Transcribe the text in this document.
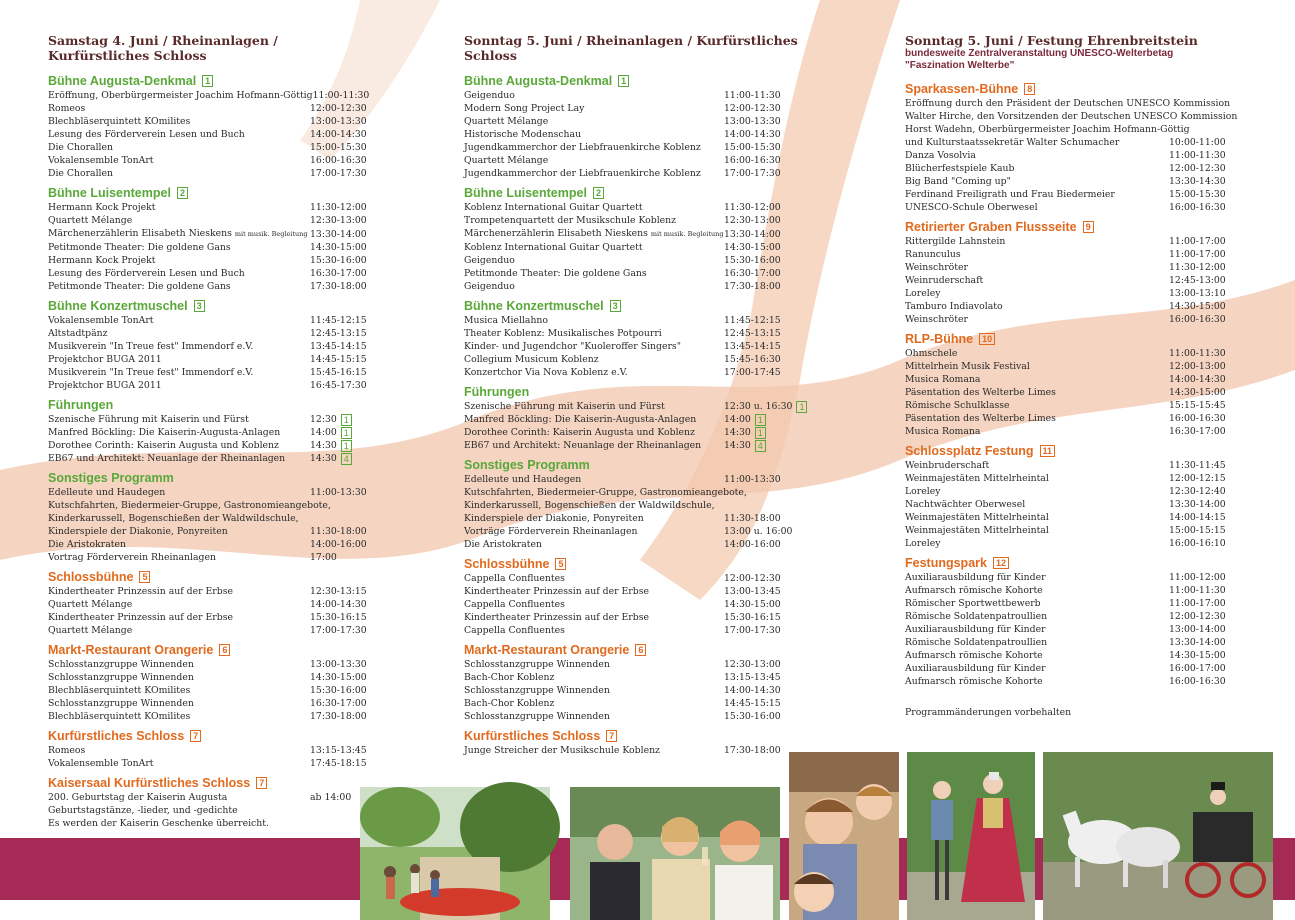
Samstag 4. Juni / Rheinanlagen / Kurfürstliches Schloss
Bühne Augusta-Denkmal	1
Eröffnung, Oberbürgermeister Joachim Hofmann-Göttig 11:00-11:30
Romeos	12:00-12:30
Blechbläserquintett KOmilites	13:00-13:30
Lesung des Förderverein Lesen und Buch	14:00-14:30
Die Chorallen	15:00-15:30
Vokalensemble TonArt	16:00-16:30
Die Chorallen	17:00-17:30
Bühne Luisentempel	2
Hermann Kock Projekt	11:30-12:00
Quartett Mélange	12:30-13:00
Märchenerzählerin Elisabeth Nieskens mit musik. Begleitung 13:30-14:00
Petitmonde Theater: Die goldene Gans	14:30-15:00
Hermann Kock Projekt	15:30-16:00
Lesung des Förderverein Lesen und Buch	16:30-17:00
Petitmonde Theater: Die goldene Gans	17:30-18:00
Bühne Konzertmuschel	3
Vokalensemble TonArt	11:45-12:15
Altstadtpänz	12:45-13:15
Musikverein "In Treue fest" Immendorf e.V.	13:45-14:15
Projektchor BUGA 2011	14:45-15:15
Musikverein "In Treue fest" Immendorf e.V.	15:45-16:15
Projektchor BUGA 2011	16:45-17:30
Führungen
Szenische Führung mit Kaiserin und Fürst	12:30 1
Manfred Böckling: Die Kaiserin-Augusta-Anlagen	14:00 1
Dorothee Corinth: Kaiserin Augusta und Koblenz	14:30 1
EB67 und Architekt: Neuanlage der Rheinanlagen	14:30 4
Sonstiges Programm
Edelleute und Haudegen	11:00-13:30
Kutschfahrten, Biedermeier-Gruppe, Gastronomieangebote,
Kinderkarussell, Bogenschießen der Waldwildschule,
Kinderspiele der Diakonie, Ponyreiten	11:30-18:00
Die Aristokraten	14:00-16:00
Vortrag Förderverein Rheinanlagen	17:00
Schlossbühne	5
Kindertheater Prinzessin auf der Erbse	12:30-13:15
Quartett Mélange	14:00-14:30
Kindertheater Prinzessin auf der Erbse	15:30-16:15
Quartett Mélange	17:00-17:30
Markt-Restaurant Orangerie	6
Schlosstanzgruppe Winnenden	13:00-13:30
Schlosstanzgruppe Winnenden	14:30-15:00
Blechbläserquintett KOmilites	15:30-16:00
Schlosstanzgruppe Winnenden	16:30-17:00
Blechbläserquintett KOmilites	17:30-18:00
Kurfürstliches Schloss	7
Romeos	13:15-13:45
Vokalensemble TonArt	17:45-18:15
Kaisersaal Kurfürstliches Schloss	7
200. Geburtstag der Kaiserin Augusta	ab 14:00
Geburtstagstänze, -lieder, und -gedichte
Es werden der Kaiserin Geschenke überreicht.
Sonntag 5. Juni / Rheinanlagen / Kurfürstliches Schloss
Bühne Augusta-Denkmal	1
Geigenduo	11:00-11:30
Modern Song Project Lay	12:00-12:30
Quartett Mélange	13:00-13:30
Historische Modenschau	14:00-14:30
Jugendkammerchor der Liebfrauenkirche Koblenz	15:00-15:30
Quartett Mélange	16:00-16:30
Jugendkammerchor der Liebfrauenkirche Koblenz	17:00-17:30
Bühne Luisentempel	2
Koblenz International Guitar Quartett	11:30-12:00
Trompetenquartett der Musikschule Koblenz	12:30-13:00
Märchenerzählerin Elisabeth Nieskens mit musik. Begleitung 13:30-14:00
Koblenz International Guitar Quartett	14:30-15:00
Geigenduo	15:30-16:00
Petitmonde Theater: Die goldene Gans	16:30-17:00
Geigenduo	17:30-18:00
Bühne Konzertmuschel	3
Musica Miellahno	11:45-12:15
Theater Koblenz: Musikalisches Potpourri	12:45-13:15
Kinder- und Jugendchor "Kuoleroffer Singers"	13:45-14:15
Collegium Musicum Koblenz	15:45-16:30
Konzertchor Via Nova Koblenz e.V.	17:00-17:45
Führungen
Szenische Führung mit Kaiserin und Fürst	12:30 u. 16:30 1
Manfred Böckling: Die Kaiserin-Augusta-Anlagen	14:00 1
Dorothee Corinth: Kaiserin Augusta und Koblenz	14:30 1
EB67 und Architekt: Neuanlage der Rheinanlagen	14:30 4
Sonstiges Programm
Edelleute und Haudegen	11:00-13:30
Kutschfahrten, Biedermeier-Gruppe, Gastronomieangebote,
Kinderkarussell, Bogenschießen der Waldwildschule,
Kinderspiele der Diakonie, Ponyreiten	11:30-18:00
Vorträge Förderverein Rheinanlagen	13:00 u. 16:00
Die Aristokraten	14:00-16:00
Schlossbühne	5
Cappella Confluentes	12:00-12:30
Kindertheater Prinzessin auf der Erbse	13:00-13:45
Cappella Confluentes	14:30-15:00
Kindertheater Prinzessin auf der Erbse	15:30-16:15
Cappella Confluentes	17:00-17:30
Markt-Restaurant Orangerie	6
Schlosstanzgruppe Winnenden	12:30-13:00
Bach-Chor Koblenz	13:15-13:45
Schlosstanzgruppe Winnenden	14:00-14:30
Bach-Chor Koblenz	14:45-15:15
Schlosstanzgruppe Winnenden	15:30-16:00
Kurfürstliches Schloss	7
Junge Streicher der Musikschule Koblenz	17:30-18:00
Sonntag 5. Juni / Festung Ehrenbreitstein
bundesweite Zentralveranstaltung UNESCO-Welterbetag
"Faszination Welterbe"
Sparkassen-Bühne	8
Eröffnung durch den Präsident der Deutschen UNESCO Kommission
Walter Hirche, den Vorsitzenden der Deutschen UNESCO Kommission
Horst Wadehn, Oberbürgermeister Joachim Hofmann-Göttig
und Kulturstaatssekretär Walter Schumacher	10:00-11:00
Danza Vosolvia	11:00-11:30
Blücherfestspiele Kaub	12:00-12:30
Big Band "Coming up"	13:30-14:30
Ferdinand Freiligrath und Frau Biedermeier	15:00-15:30
UNESCO-Schule Oberwesel	16:00-16:30
Retirierter Graben Flussseite	9
Rittergilde Lahnstein	11:00-17:00
Ranunculus	11:00-17:00
Weinschröter	11:30-12:00
Weinruderschaft	12:45-13:00
Loreley	13:00-13:10
Tamburo Indiavolato	14:30-15:00
Weinschröter	16:00-16:30
RLP-Bühne	10
Ohmschele	11:00-11:30
Mittelrhein Musik Festival	12:00-13:00
Musica Romana	14:00-14:30
Päsentation des Welterbe Limes	14:30-15:00
Römische Schulklasse	15:15-15:45
Päsentation des Welterbe Limes	16:00-16:30
Musica Romana	16:30-17:00
Schlossplatz Festung	11
Weinbruderschaft	11:30-11:45
Weinmajestäten Mittelrheintal	12:00-12:15
Loreley	12:30-12:40
Nachtwächter Oberwesel	13:30-14:00
Weinmajestäten Mittelrheintal	14:00-14:15
Weinmajestäten Mittelrheintal	15:00-15:15
Loreley	16:00-16:10
Festungspark	12
Auxiliarausbildung für Kinder	11:00-12:00
Aufmarsch römische Kohorte	11:00-11:30
Römischer Sportwettbewerb	11:00-17:00
Römische Soldatenpatroullien	12:00-12:30
Auxiliarausbildung für Kinder	13:00-14:00
Römische Soldatenpatroullien	13:30-14:00
Aufmarsch römische Kohorte	14:30-15:00
Auxiliarausbildung für Kinder	16:00-17:00
Aufmarsch römische Kohorte	16:00-16:30
Programmänderungen vorbehalten
